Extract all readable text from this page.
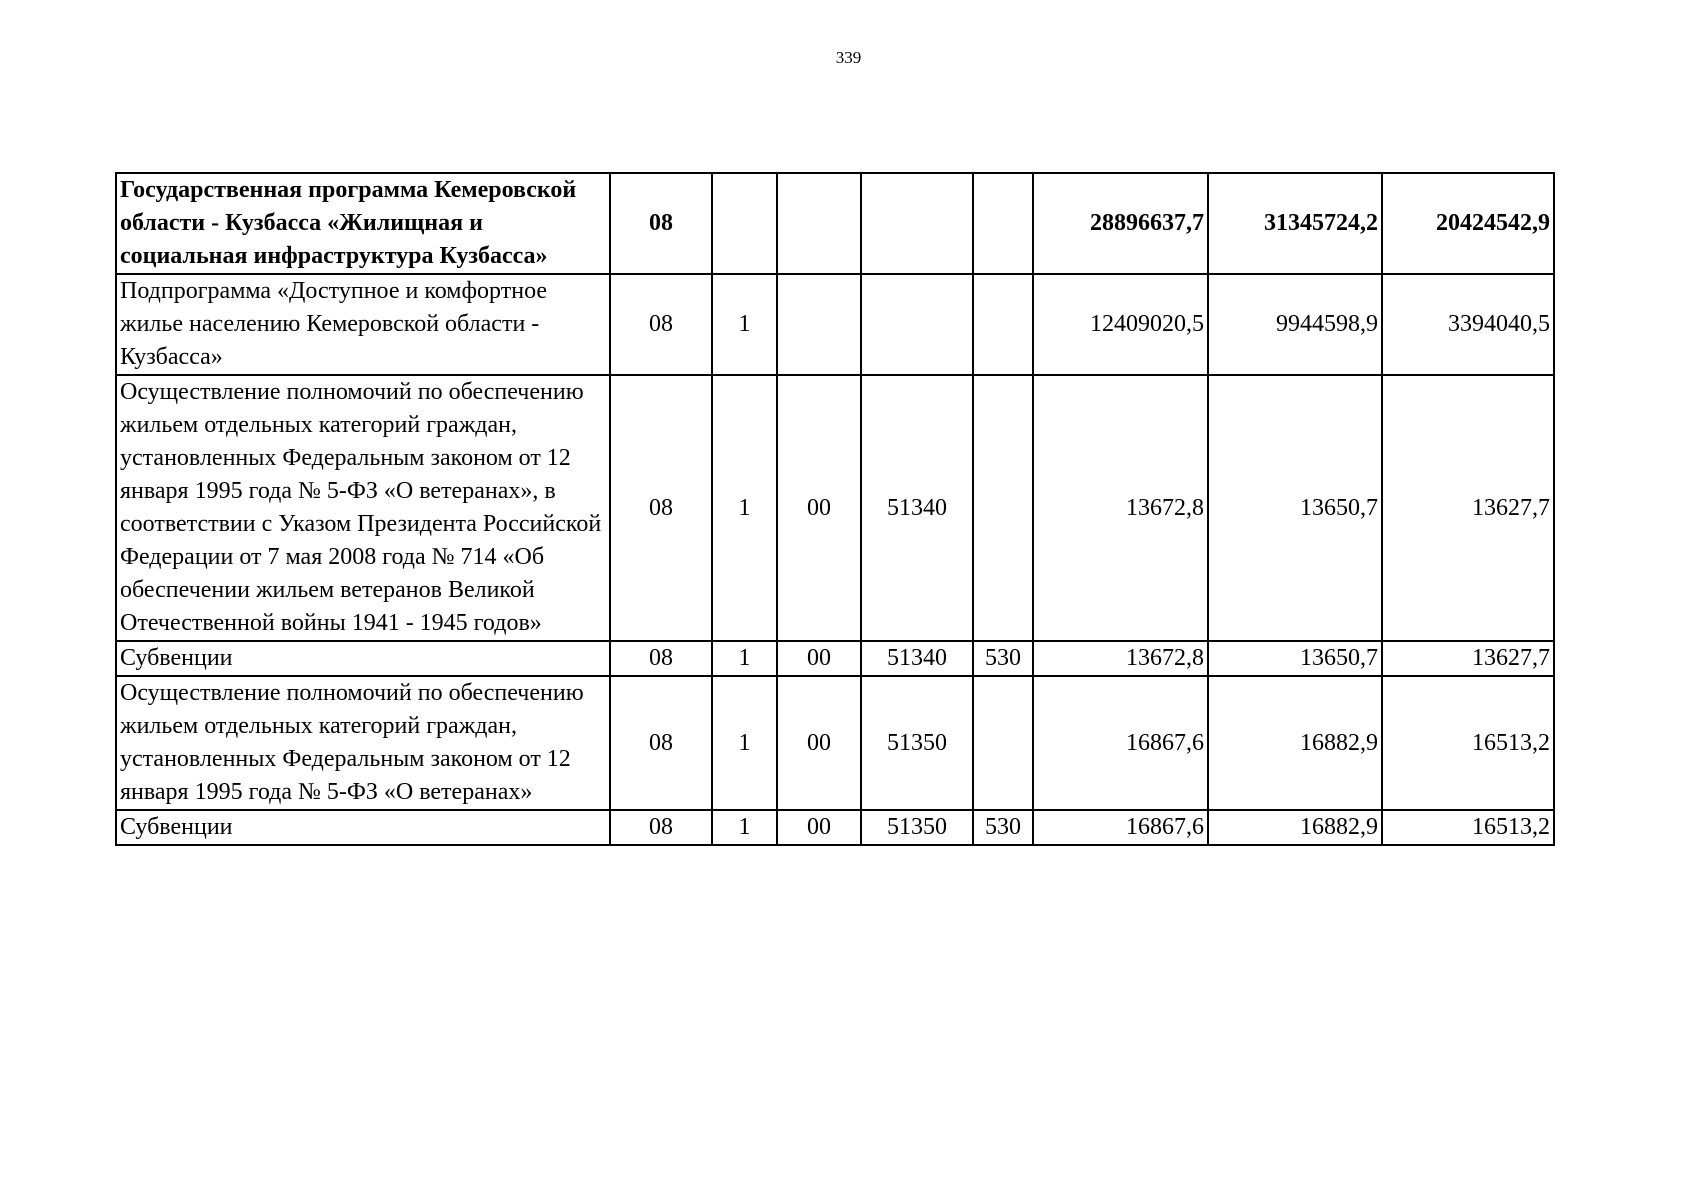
339
Государственная программа Кемеровской области - Кузбасса «Жилищная и социальная инфраструктура Кузбасса»	08					28896637,7	31345724,2	20424542,9
Подпрограмма «Доступное и комфортное жилье населению Кемеровской области - Кузбасса»	08	1				12409020,5	9944598,9	3394040,5
Осуществление полномочий по обеспечению жильем отдельных категорий граждан, установленных Федеральным законом от 12 января 1995 года № 5-ФЗ «О ветеранах», в соответствии с Указом Президента Российской Федерации от 7 мая 2008 года № 714 «Об обеспечении жильем ветеранов Великой Отечественной войны 1941 - 1945 годов»	08	1	00	51340		13672,8	13650,7	13627,7
Субвенции	08	1	00	51340	530	13672,8	13650,7	13627,7
Осуществление полномочий по обеспечению жильем отдельных категорий граждан, установленных Федеральным законом от 12 января 1995 года № 5-ФЗ «О ветеранах»	08	1	00	51350		16867,6	16882,9	16513,2
Субвенции	08	1	00	51350	530	16867,6	16882,9	16513,2
